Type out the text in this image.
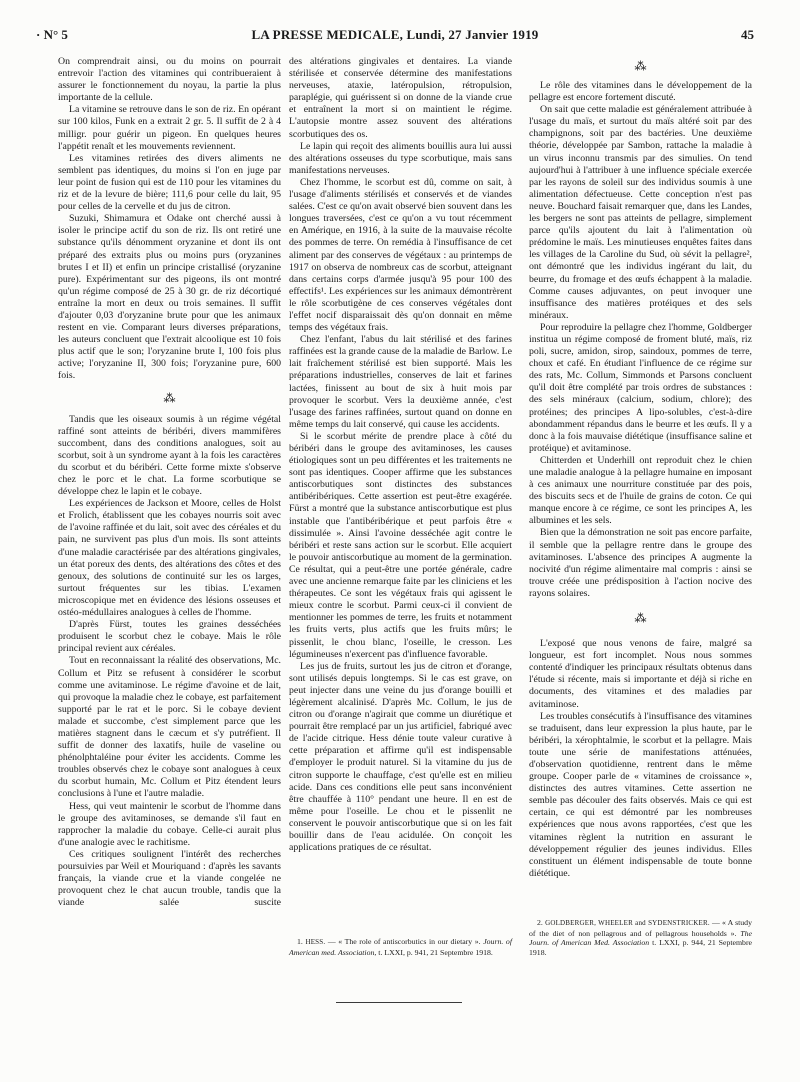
· N° 5	LA PRESSE MEDICALE, Lundi, 27 Janvier 1919	45

On comprendrait ainsi, ou du moins on pourrait entrevoir l'action des vitamines qui contribueraient à assurer le fonctionnement du noyau, la partie la plus importante de la cellule.

La vitamine se retrouve dans le son de riz. En opérant sur 100 kilos, Funk en a extrait 2 gr. 5. Il suffit de 2 à 4 milligr. pour guérir un pigeon. En quelques heures l'appétit renaît et les mouvements reviennent.

Les vitamines retirées des divers aliments ne semblent pas identiques, du moins si l'on en juge par leur point de fusion qui est de 110 pour les vitamines du riz et de la levure de bière; 111,6 pour celle du lait, 95 pour celles de la cervelle et du jus de citron.

Suzuki, Shimamura et Odake ont cherché aussi à isoler le principe actif du son de riz. Ils ont retiré une substance qu'ils dénomment oryzanine et dont ils ont préparé des extraits plus ou moins purs (oryzanines brutes I et II) et enfin un principe cristallisé (oryzanine pure). Expérimentant sur des pigeons, ils ont montré qu'un régime composé de 25 à 30 gr. de riz décortiqué entraîne la mort en deux ou trois semaines. Il suffit d'ajouter 0,03 d'oryzanine brute pour que les animaux restent en vie. Comparant leurs diverses préparations, les auteurs concluent que l'extrait alcoolique est 10 fois plus actif que le son; l'oryzanine brute I, 100 fois plus active; l'oryzanine II, 300 fois; l'oryzanine pure, 600 fois.

⁂

Tandis que les oiseaux soumis à un régime végétal raffiné sont atteints de béribéri, divers mammifères succombent, dans des conditions analogues, soit au scorbut, soit à un syndrome ayant à la fois les caractères du scorbut et du béribéri. Cette forme mixte s'observe chez le porc et le chat. La forme scorbutique se développe chez le lapin et le cobaye.

Les expériences de Jackson et Moore, celles de Holst et Frolich, établissent que les cobayes nourris soit avec de l'avoine raffinée et du lait, soit avec des céréales et du pain, ne survivent pas plus d'un mois. Ils sont atteints d'une maladie caractérisée par des altérations gingivales, un état poreux des dents, des altérations des côtes et des genoux, des solutions de continuité sur les os larges, surtout fréquentes sur les tibias. L'examen microscopique met en évidence des lésions osseuses et ostéo-médullaires analogues à celles de l'homme.

D'après Fürst, toutes les graines desséchées produisent le scorbut chez le cobaye. Mais le rôle principal revient aux céréales.

Tout en reconnaissant la réalité des observations, Mc. Collum et Pitz se refusent à considérer le scorbut comme une avitaminose. Le régime d'avoine et de lait, qui provoque la maladie chez le cobaye, est parfaitement supporté par le rat et le porc. Si le cobaye devient malade et succombe, c'est simplement parce que les matières stagnent dans le cæcum et s'y putréfient. Il suffit de donner des laxatifs, huile de vaseline ou phénolphtaléine pour éviter les accidents. Comme les troubles observés chez le cobaye sont analogues à ceux du scorbut humain, Mc. Collum et Pitz étendent leurs conclusions à l'une et l'autre maladie.

Hess, qui veut maintenir le scorbut de l'homme dans le groupe des avitaminoses, se demande s'il faut en rapprocher la maladie du cobaye. Celle-ci aurait plus d'une analogie avec le rachitisme.

Ces critiques soulignent l'intérêt des recherches poursuivies par Weil et Mouriquand : d'après les savants français, la viande crue et la viande congelée ne provoquent chez le chat aucun trouble, tandis que la viande salée suscite

des altérations gingivales et dentaires. La viande stérilisée et conservée détermine des manifestations nerveuses, ataxie, latéropulsion, rétropulsion, paraplégie, qui guérissent si on donne de la viande crue et entraînent la mort si on maintient le régime. L'autopsie montre assez souvent des altérations scorbutiques des os.

Le lapin qui reçoit des aliments bouillis aura lui aussi des altérations osseuses du type scorbutique, mais sans manifestations nerveuses.

Chez l'homme, le scorbut est dû, comme on sait, à l'usage d'aliments stérilisés et conservés et de viandes salées. C'est ce qu'on avait observé bien souvent dans les longues traversées, c'est ce qu'on a vu tout récemment en Amérique, en 1916, à la suite de la mauvaise récolte des pommes de terre. On remédia à l'insuffisance de cet aliment par des conserves de végétaux : au printemps de 1917 on observa de nombreux cas de scorbut, atteignant dans certains corps d'armée jusqu'à 95 pour 100 des effectifs¹. Les expériences sur les animaux démontrèrent le rôle scorbutigène de ces conserves végétales dont l'effet nocif disparaissait dès qu'on donnait en même temps des végétaux frais.

Chez l'enfant, l'abus du lait stérilisé et des farines raffinées est la grande cause de la maladie de Barlow. Le lait fraîchement stérilisé est bien supporté. Mais les préparations industrielles, conserves de lait et farines lactées, finissent au bout de six à huit mois par provoquer le scorbut. Vers la deuxième année, c'est l'usage des farines raffinées, surtout quand on donne en même temps du lait conservé, qui cause les accidents.

Si le scorbut mérite de prendre place à côté du béribéri dans le groupe des avitaminoses, les causes étiologiques sont un peu différentes et les traitements ne sont pas identiques. Cooper affirme que les substances antiscorbutiques sont distinctes des substances antibéribériques. Cette assertion est peut-être exagérée. Fürst a montré que la substance antiscorbutique est plus instable que l'antibéribérique et peut parfois être « dissimulée ». Ainsi l'avoine desséchée agit contre le béribéri et reste sans action sur le scorbut. Elle acquiert le pouvoir antiscorbutique au moment de la germination. Ce résultat, qui a peut-être une portée générale, cadre avec une ancienne remarque faite par les cliniciens et les thérapeutes. Ce sont les végétaux frais qui agissent le mieux contre le scorbut. Parmi ceux-ci il convient de mentionner les pommes de terre, les fruits et notamment les fruits verts, plus actifs que les fruits mûrs; le pissenlit, le chou blanc, l'oseille, le cresson. Les légumineuses n'exercent pas d'influence favorable.

Les jus de fruits, surtout les jus de citron et d'orange, sont utilisés depuis longtemps. Si le cas est grave, on peut injecter dans une veine du jus d'orange bouilli et légèrement alcalinisé. D'après Mc. Collum, le jus de citron ou d'orange n'agirait que comme un diurétique et pourrait être remplacé par un jus artificiel, fabriqué avec de l'acide citrique. Hess dénie toute valeur curative à cette préparation et affirme qu'il est indispensable d'employer le produit naturel. Si la vitamine du jus de citron supporte le chauffage, c'est qu'elle est en milieu acide. Dans ces conditions elle peut sans inconvénient être chauffée à 110° pendant une heure. Il en est de même pour l'oseille. Le chou et le pissenlit ne conservent le pouvoir antiscorbutique que si on les fait bouillir dans de l'eau acidulée. On conçoit les applications pratiques de ce résultat.

1. HESS. — « The role of antiscorbutics in our dietary ». Journ. of American med. Association, t. LXXI, p. 941, 21 Septembre 1918.
⁂

Le rôle des vitamines dans le développement de la pellagre est encore fortement discuté.

On sait que cette maladie est généralement attribuée à l'usage du maïs, et surtout du maïs altéré soit par des champignons, soit par des bactéries. Une deuxième théorie, développée par Sambon, rattache la maladie à un virus inconnu transmis par des simulies. On tend aujourd'hui à l'attribuer à une influence spéciale exercée par les rayons de soleil sur des individus soumis à une alimentation défectueuse. Cette conception n'est pas neuve. Bouchard faisait remarquer que, dans les Landes, les bergers ne sont pas atteints de pellagre, simplement parce qu'ils ajoutent du lait à l'alimentation où prédomine le maïs. Les minutieuses enquêtes faites dans les villages de la Caroline du Sud, où sévit la pellagre², ont démontré que les individus ingérant du lait, du beurre, du fromage et des œufs échappent à la maladie. Comme causes adjuvantes, on peut invoquer une insuffisance des matières protéiques et des sels minéraux.

Pour reproduire la pellagre chez l'homme, Goldberger institua un régime composé de froment bluté, maïs, riz poli, sucre, amidon, sirop, saindoux, pommes de terre, choux et café. En étudiant l'influence de ce régime sur des rats, Mc. Collum, Simmonds et Parsons concluent qu'il doit être complété par trois ordres de substances : des sels minéraux (calcium, sodium, chlore); des protéines; des principes A lipo-solubles, c'est-à-dire abondamment répandus dans le beurre et les œufs. Il y a donc à la fois mauvaise diététique (insuffisance saline et protéique) et avitaminose.

Chitterden et Underhill ont reproduit chez le chien une maladie analogue à la pellagre humaine en imposant à ces animaux une nourriture constituée par des pois, des biscuits secs et de l'huile de grains de coton. Ce qui manque encore à ce régime, ce sont les principes A, les albumines et les sels.

Bien que la démonstration ne soit pas encore parfaite, il semble que la pellagre rentre dans le groupe des avitaminoses. L'absence des principes A augmente la nocivité d'un régime alimentaire mal compris : ainsi se trouve créée une prédisposition à l'action nocive des rayons solaires.

⁂

L'exposé que nous venons de faire, malgré sa longueur, est fort incomplet. Nous nous sommes contenté d'indiquer les principaux résultats obtenus dans l'étude si récente, mais si importante et déjà si riche en documents, des vitamines et des maladies par avitaminose.

Les troubles consécutifs à l'insuffisance des vitamines se traduisent, dans leur expression la plus haute, par le béribéri, la xérophtalmie, le scorbut et la pellagre. Mais toute une série de manifestations atténuées, d'observation quotidienne, rentrent dans le même groupe. Cooper parle de « vitamines de croissance », distinctes des autres vitamines. Cette assertion ne semble pas découler des faits observés. Mais ce qui est certain, ce qui est démontré par les nombreuses expériences que nous avons rapportées, c'est que les vitamines règlent la nutrition en assurant le développement régulier des jeunes individus. Elles constituent un élément indispensable de toute bonne diététique.

2. GOLDBERGER, WHEELER and SYDENSTRICKER. — « A study of the diet of non pellagrous and of pellagrous households ». The Journ. of American Med. Association t. LXXI, p. 944, 21 Septembre 1918.
